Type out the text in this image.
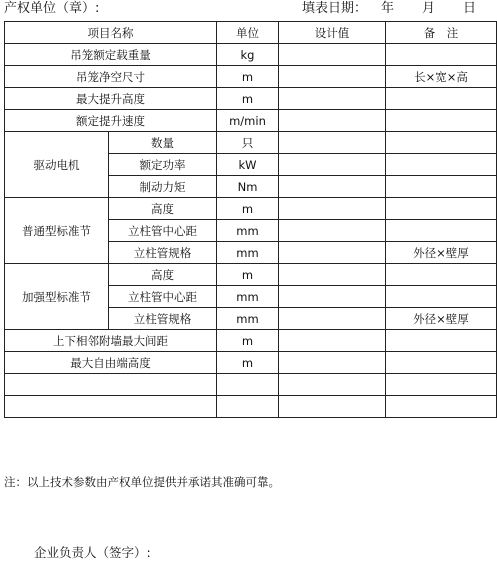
产权单位（章）:	填表日期： 年 月 日
项目名称		单位	设计值	备　注
吊笼额定载重量		kg		
吊笼净空尺寸		m		长×宽×高
最大提升高度		m		
额定提升速度		m/min		
驱动电机	数量	只		
	额定功率	kW		
	制动力矩	Nm		
普通型标准节	高度	m		
	立柱管中心距	mm		
	立柱管规格	mm		外径×壁厚
加强型标准节	高度	m		
	立柱管中心距	mm		
	立柱管规格	mm		外径×壁厚
上下相邻附墙最大间距		m		
最大自由端高度		m		

注：以上技术参数由产权单位提供并承诺其准确可靠。
企业负责人（签字）:
